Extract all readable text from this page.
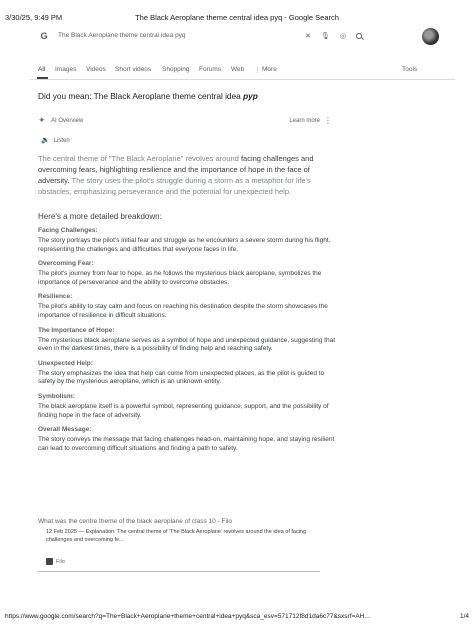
3/30/25, 9:49 PM	The Black Aeroplane theme central idea pyq - Google Search
G	The Black Aeroplane theme central idea pyq	✕ 🎙 ◎
All Images Videos Short videos Shopping Forums Web ⋮ More	Tools
Did you mean: The Black Aeroplane theme central idea pyp
✦ AI Overview	Learn more ⋮
🔈 Listen
The central theme of "The Black Aeroplane" revolves around facing challenges and overcoming fears, highlighting resilience and the importance of hope in the face of adversity. The story uses the pilot's struggle during a storm as a metaphor for life's obstacles, emphasizing perseverance and the potential for unexpected help.
Here's a more detailed breakdown:
Facing Challenges:
The story portrays the pilot's initial fear and struggle as he encounters a severe storm during his flight, representing the challenges and difficulties that everyone faces in life.
Overcoming Fear:
The pilot's journey from fear to hope, as he follows the mysterious black aeroplane, symbolizes the importance of perseverance and the ability to overcome obstacles.
Resilience:
The pilot's ability to stay calm and focus on reaching his destination despite the storm showcases the importance of resilience in difficult situations.
The Importance of Hope:
The mysterious black aeroplane serves as a symbol of hope and unexpected guidance, suggesting that even in the darkest times, there is a possibility of finding help and reaching safety.
Unexpected Help:
The story emphasizes the idea that help can come from unexpected places, as the pilot is guided to safety by the mysterious aeroplane, which is an unknown entity.
Symbolism:
The black aeroplane itself is a powerful symbol, representing guidance, support, and the possibility of finding hope in the face of adversity.
Overall Message:
The story conveys the message that facing challenges head-on, maintaining hope, and staying resilient can lead to overcoming difficult situations and finding a path to safety.
What was the centre theme of the black aeroplane of class 10 - Filo
12 Feb 2025 — Explanation: The central theme of 'The Black Aeroplane' revolves around the idea of facing challenges and overcoming fe...
Filo
https://www.google.com/search?q=The+Black+Aeroplane+theme+central+idea+pyq&sca_esv=571712f8d1da6c77&sxsrf=AH...	1/4
